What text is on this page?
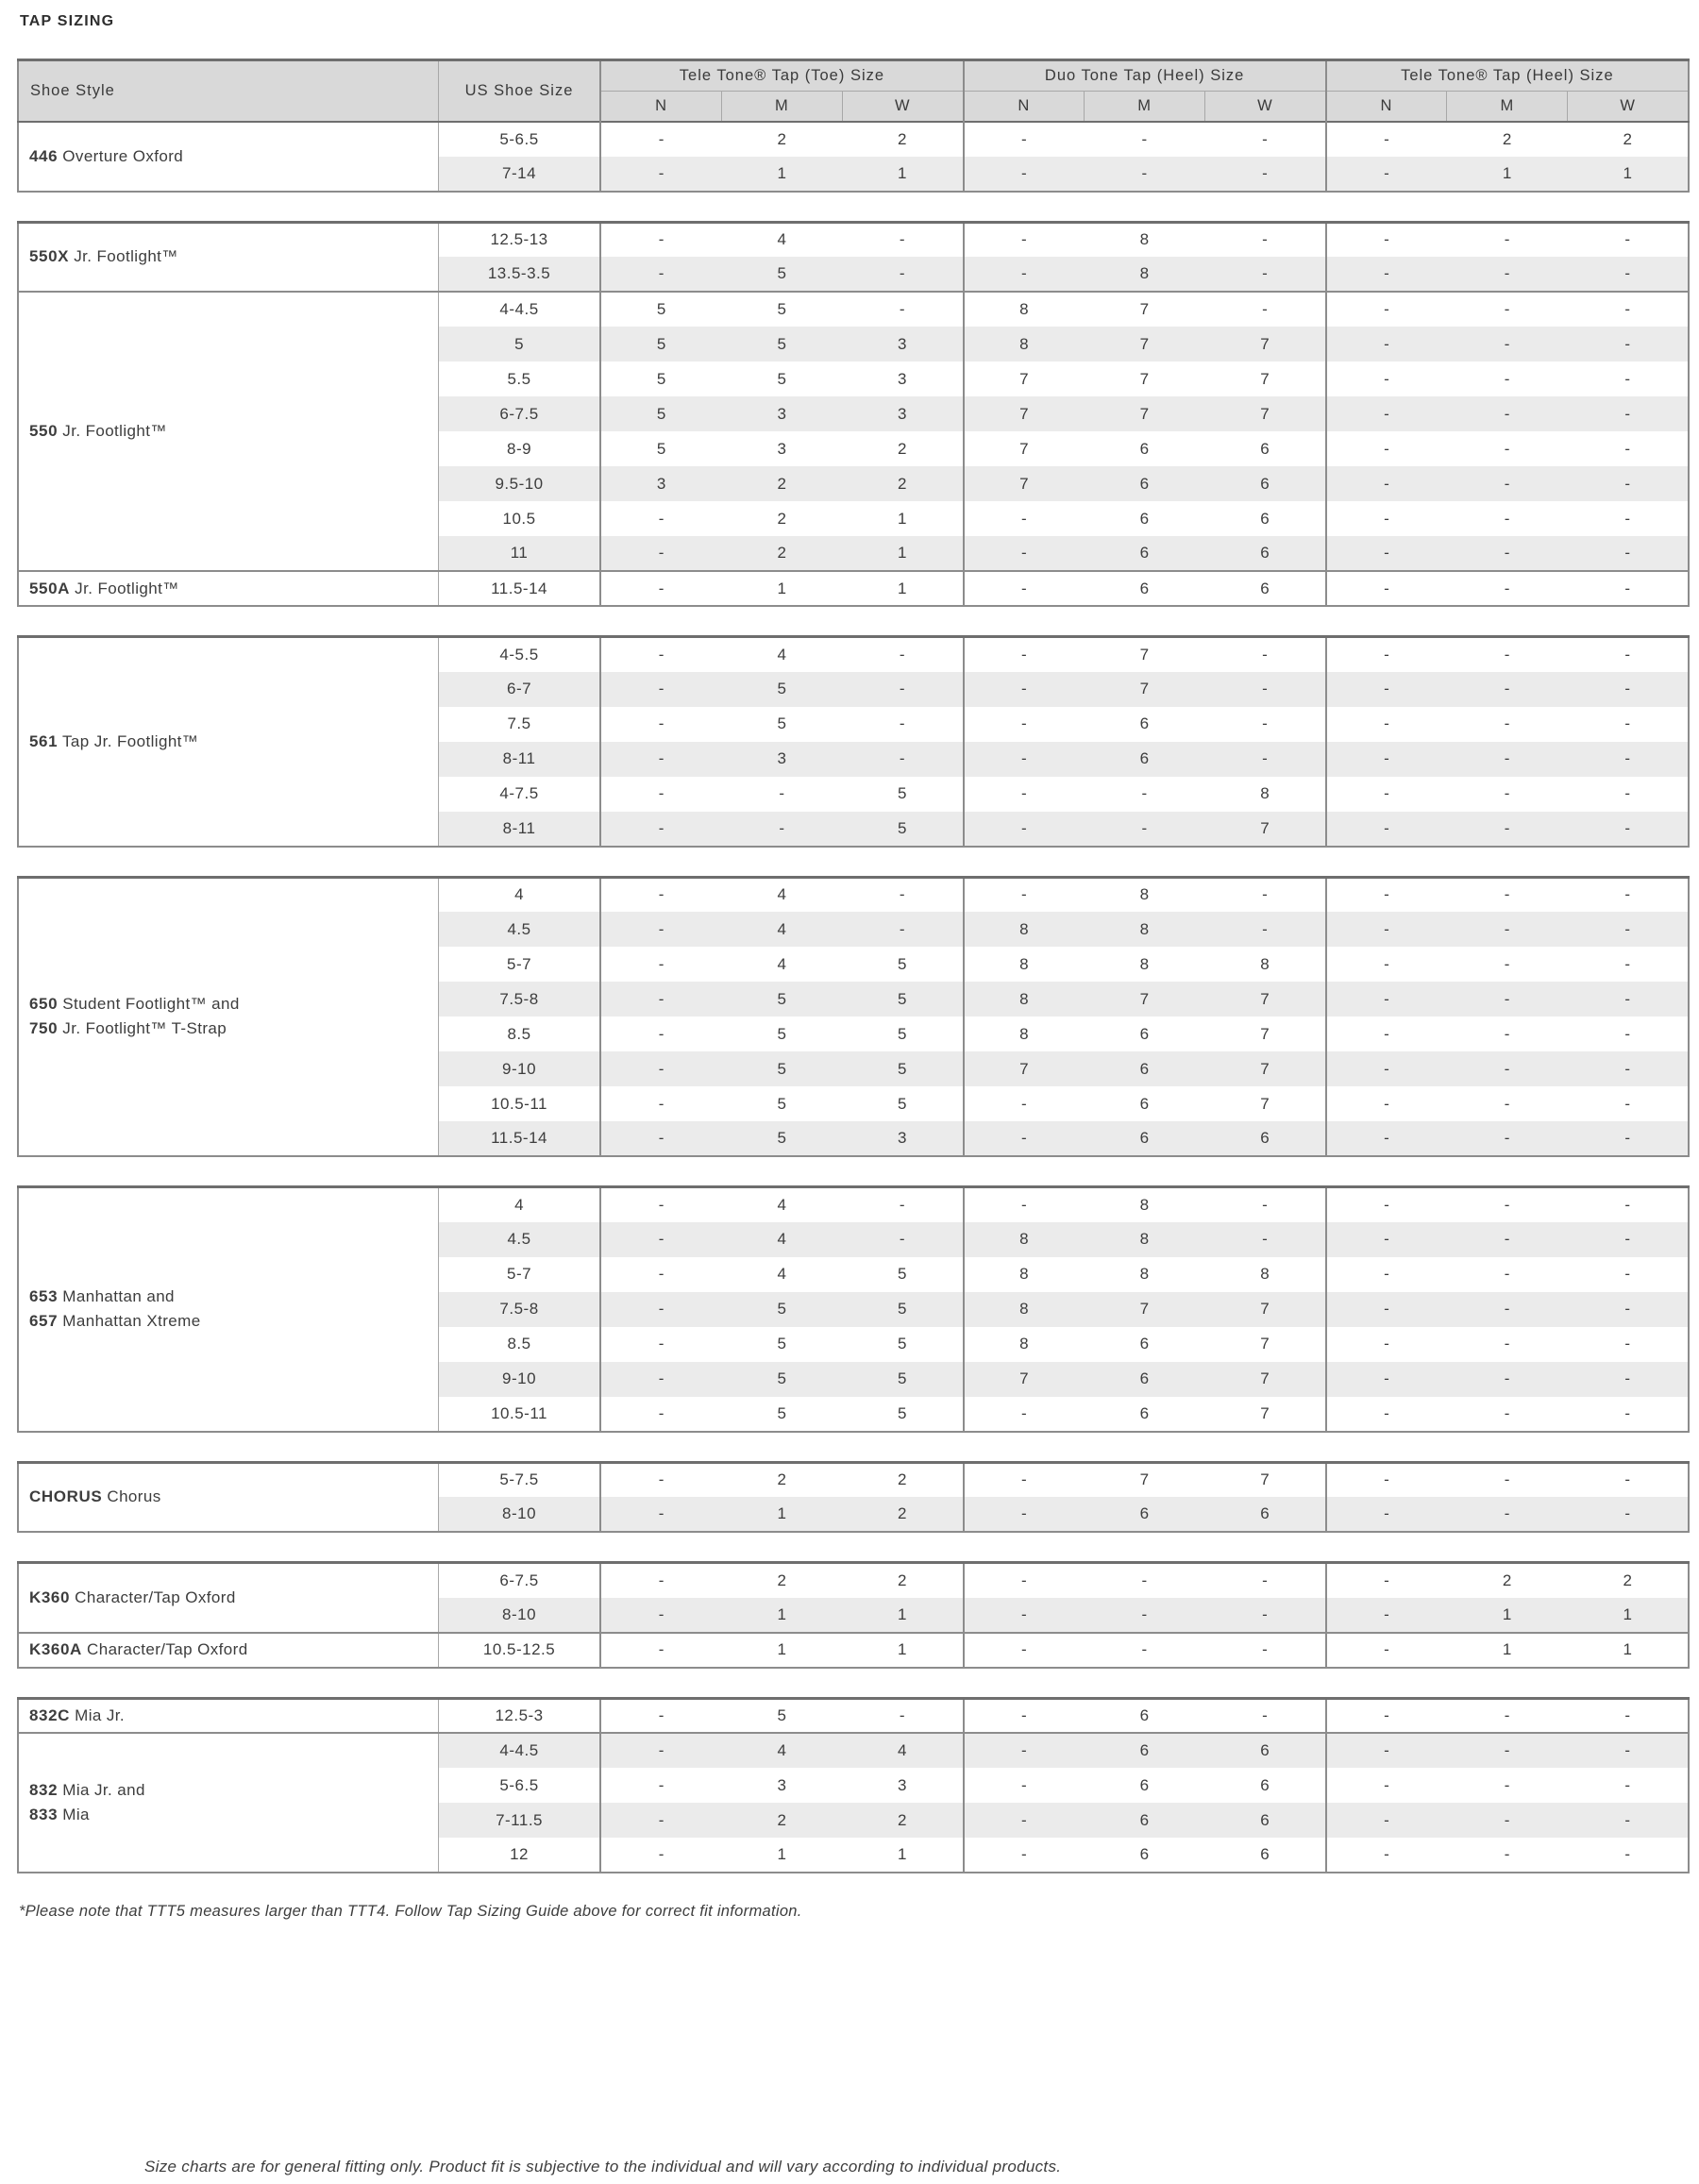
TAP SIZING
Shoe Style	US Shoe Size	Tele Tone® Tap (Toe) Size			Duo Tone Tap (Heel) Size			Tele Tone® Tap (Heel) Size		
		N	M	W	N	M	W	N	M	W

446 Overture Oxford	5-6.5	-	2	2	-	-	-	-	2	2
	7-14	-	1	1	-	-	-	-	1	1
550X Jr. Footlight™	12.5-13	-	4	-	-	8	-	-	-	-
	13.5-3.5	-	5	-	-	8	-	-	-	-

550 Jr. Footlight™	4-4.5	5	5	-	8	7	-	-	-	-
	5	5	5	3	8	7	7	-	-	-
	5.5	5	5	3	7	7	7	-	-	-
	6-7.5	5	3	3	7	7	7	-	-	-
	8-9	5	3	2	7	6	6	-	-	-
	9.5-10	3	2	2	7	6	6	-	-	-
	10.5	-	2	1	-	6	6	-	-	-
	11	-	2	1	-	6	6	-	-	-

550A Jr. Footlight™	11.5-14	-	1	1	-	6	6	-	-	-
561 Tap Jr. Footlight™	4-5.5	-	4	-	-	7	-	-	-	-
	6-7	-	5	-	-	7	-	-	-	-
	7.5	-	5	-	-	6	-	-	-	-
	8-11	-	3	-	-	6	-	-	-	-
	4-7.5	-	-	5	-	-	8	-	-	-
	8-11	-	-	5	-	-	7	-	-	-
650 Student Footlight™ and
750 Jr. Footlight™ T-Strap	4	-	4	-	-	8	-	-	-	-
	4.5	-	4	-	8	8	-	-	-	-
	5-7	-	4	5	8	8	8	-	-	-
	7.5-8	-	5	5	8	7	7	-	-	-
	8.5	-	5	5	8	6	7	-	-	-
	9-10	-	5	5	7	6	7	-	-	-
	10.5-11	-	5	5	-	6	7	-	-	-
	11.5-14	-	5	3	-	6	6	-	-	-
653 Manhattan and
657 Manhattan Xtreme	4	-	4	-	-	8	-	-	-	-
	4.5	-	4	-	8	8	-	-	-	-
	5-7	-	4	5	8	8	8	-	-	-
	7.5-8	-	5	5	8	7	7	-	-	-
	8.5	-	5	5	8	6	7	-	-	-
	9-10	-	5	5	7	6	7	-	-	-
	10.5-11	-	5	5	-	6	7	-	-	-
CHORUS Chorus	5-7.5	-	2	2	-	7	7	-	-	-
	8-10	-	1	2	-	6	6	-	-	-
K360 Character/Tap Oxford	6-7.5	-	2	2	-	-	-	-	2	2
	8-10	-	1	1	-	-	-	-	1	1

K360A Character/Tap Oxford	10.5-12.5	-	1	1	-	-	-	-	1	1
832C Mia Jr.	12.5-3	-	5	-	-	6	-	-	-	-

832 Mia Jr. and
833 Mia	4-4.5	-	4	4	-	6	6	-	-	-
	5-6.5	-	3	3	-	6	6	-	-	-
	7-11.5	-	2	2	-	6	6	-	-	-
	12	-	1	1	-	6	6	-	-	-

*Please note that TTT5 measures larger than TTT4. Follow Tap Sizing Guide above for correct fit information.

Size charts are for general fitting only. Product fit is subjective to the individual and will vary according to individual products.
